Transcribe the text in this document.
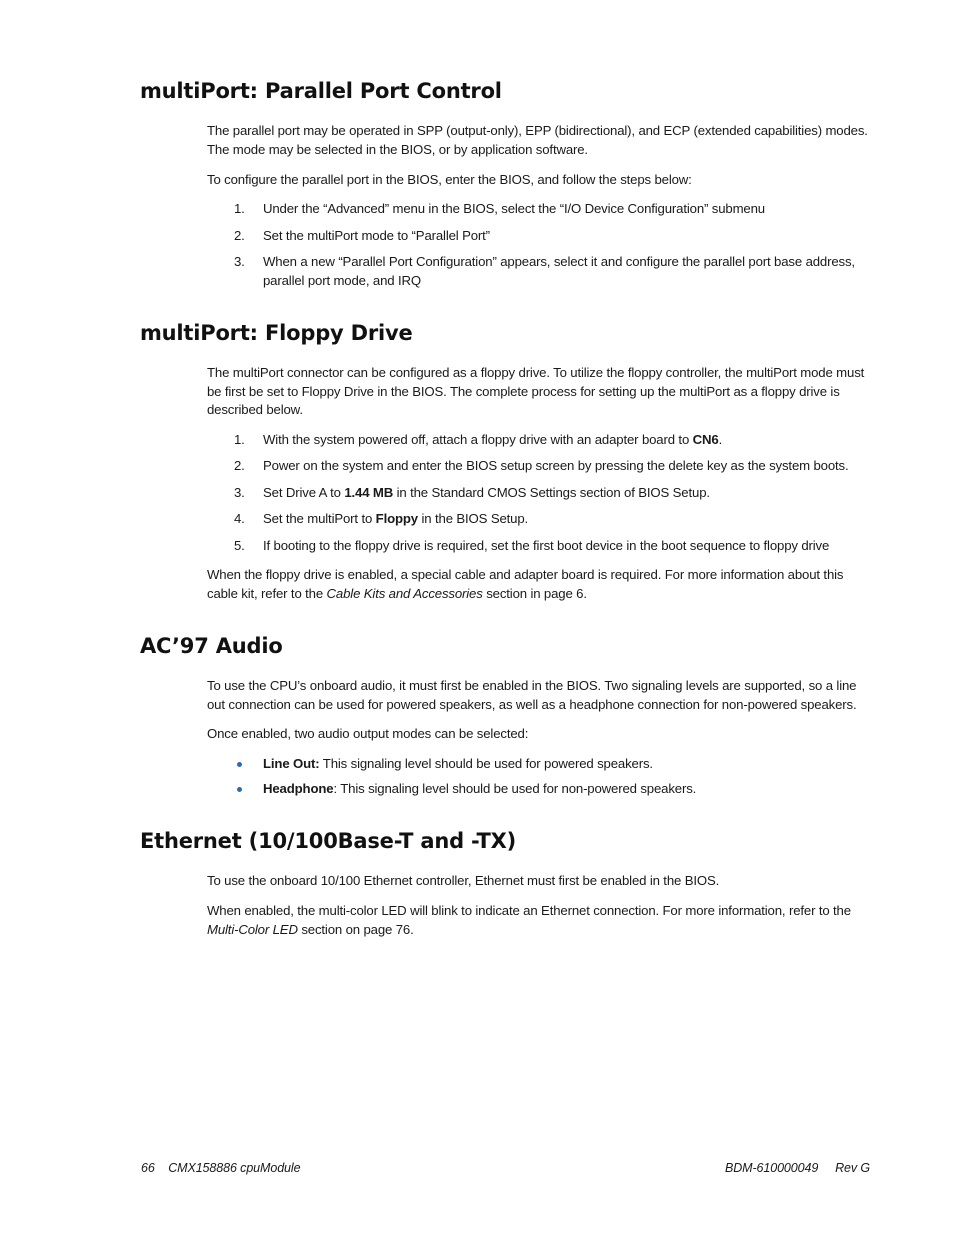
multiPort: Parallel Port Control

The parallel port may be operated in SPP (output-only), EPP (bidirectional), and ECP (extended capabilities) modes. The mode may be selected in the BIOS, or by application software.

To configure the parallel port in the BIOS, enter the BIOS, and follow the steps below:

1.	Under the “Advanced” menu in the BIOS, select the “I/O Device Configuration” submenu
2.	Set the multiPort mode to “Parallel Port”
3.	When a new “Parallel Port Configuration” appears, select it and configure the parallel port base address, parallel port mode, and IRQ
multiPort: Floppy Drive

The multiPort connector can be configured as a floppy drive. To utilize the floppy controller, the multiPort mode must be first be set to Floppy Drive in the BIOS. The complete process for setting up the multiPort as a floppy drive is described below.

1.	With the system powered off, attach a floppy drive with an adapter board to CN6.
2.	Power on the system and enter the BIOS setup screen by pressing the delete key as the system boots.
3.	Set Drive A to 1.44 MB in the Standard CMOS Settings section of BIOS Setup.
4.	Set the multiPort to Floppy in the BIOS Setup.
5.	If booting to the floppy drive is required, set the first boot device in the boot sequence to floppy drive

When the floppy drive is enabled, a special cable and adapter board is required. For more information about this cable kit, refer to the Cable Kits and Accessories section in page 6.

AC’97 Audio

To use the CPU’s onboard audio, it must first be enabled in the BIOS. Two signaling levels are supported, so a line out connection can be used for powered speakers, as well as a headphone connection for non-powered speakers.

Once enabled, two audio output modes can be selected:

Line Out: This signaling level should be used for powered speakers.
Headphone: This signaling level should be used for non-powered speakers.
Ethernet (10/100Base-T and -TX)

To use the onboard 10/100 Ethernet controller, Ethernet must first be enabled in the BIOS.

When enabled, the multi-color LED will blink to indicate an Ethernet connection. For more information, refer to the Multi-Color LED section on page 76.

66 CMX158886 cpuModule	BDM-610000049 Rev G
